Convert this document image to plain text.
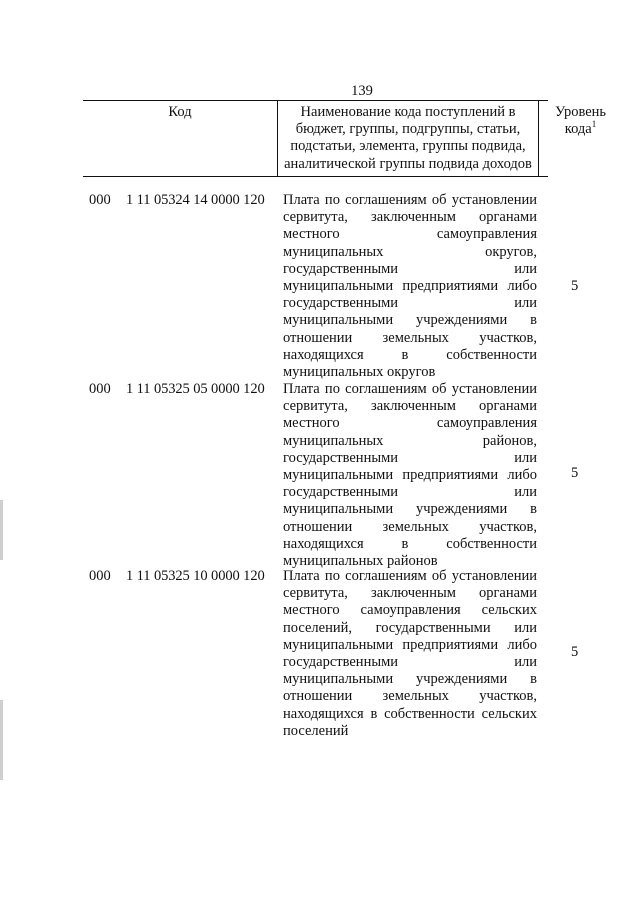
139
Код	Наименование кода поступлений в
бюджет, группы, подгруппы, статьи,
подстатьи, элемента, группы подвида,
аналитической группы подвида доходов
Уровень
кода$^1$
000 1 11 05324 14 0000 120 Плата по соглашениям об установлении
сервитута, заключенным органами
местного самоуправления
муниципальных округов,
государственными или
муниципальными предприятиями либо
государственными или
муниципальными учреждениями в
отношении земельных участков,
находящихся в собственности
муниципальных округов
5
000 1 11 05325 05 0000 120 Плата по соглашениям об установлении
сервитута, заключенным органами
местного самоуправления
муниципальных районов,
государственными или
муниципальными предприятиями либо
государственными или
муниципальными учреждениями в
отношении земельных участков,
находящихся в собственности
муниципальных районов
5
000 1 11 05325 10 0000 120 Плата по соглашениям об установлении
сервитута, заключенным органами
местного самоуправления сельских
поселений, государственными или
муниципальными предприятиями либо
государственными или
муниципальными учреждениями в
отношении земельных участков,
находящихся в собственности сельских
поселений
5
